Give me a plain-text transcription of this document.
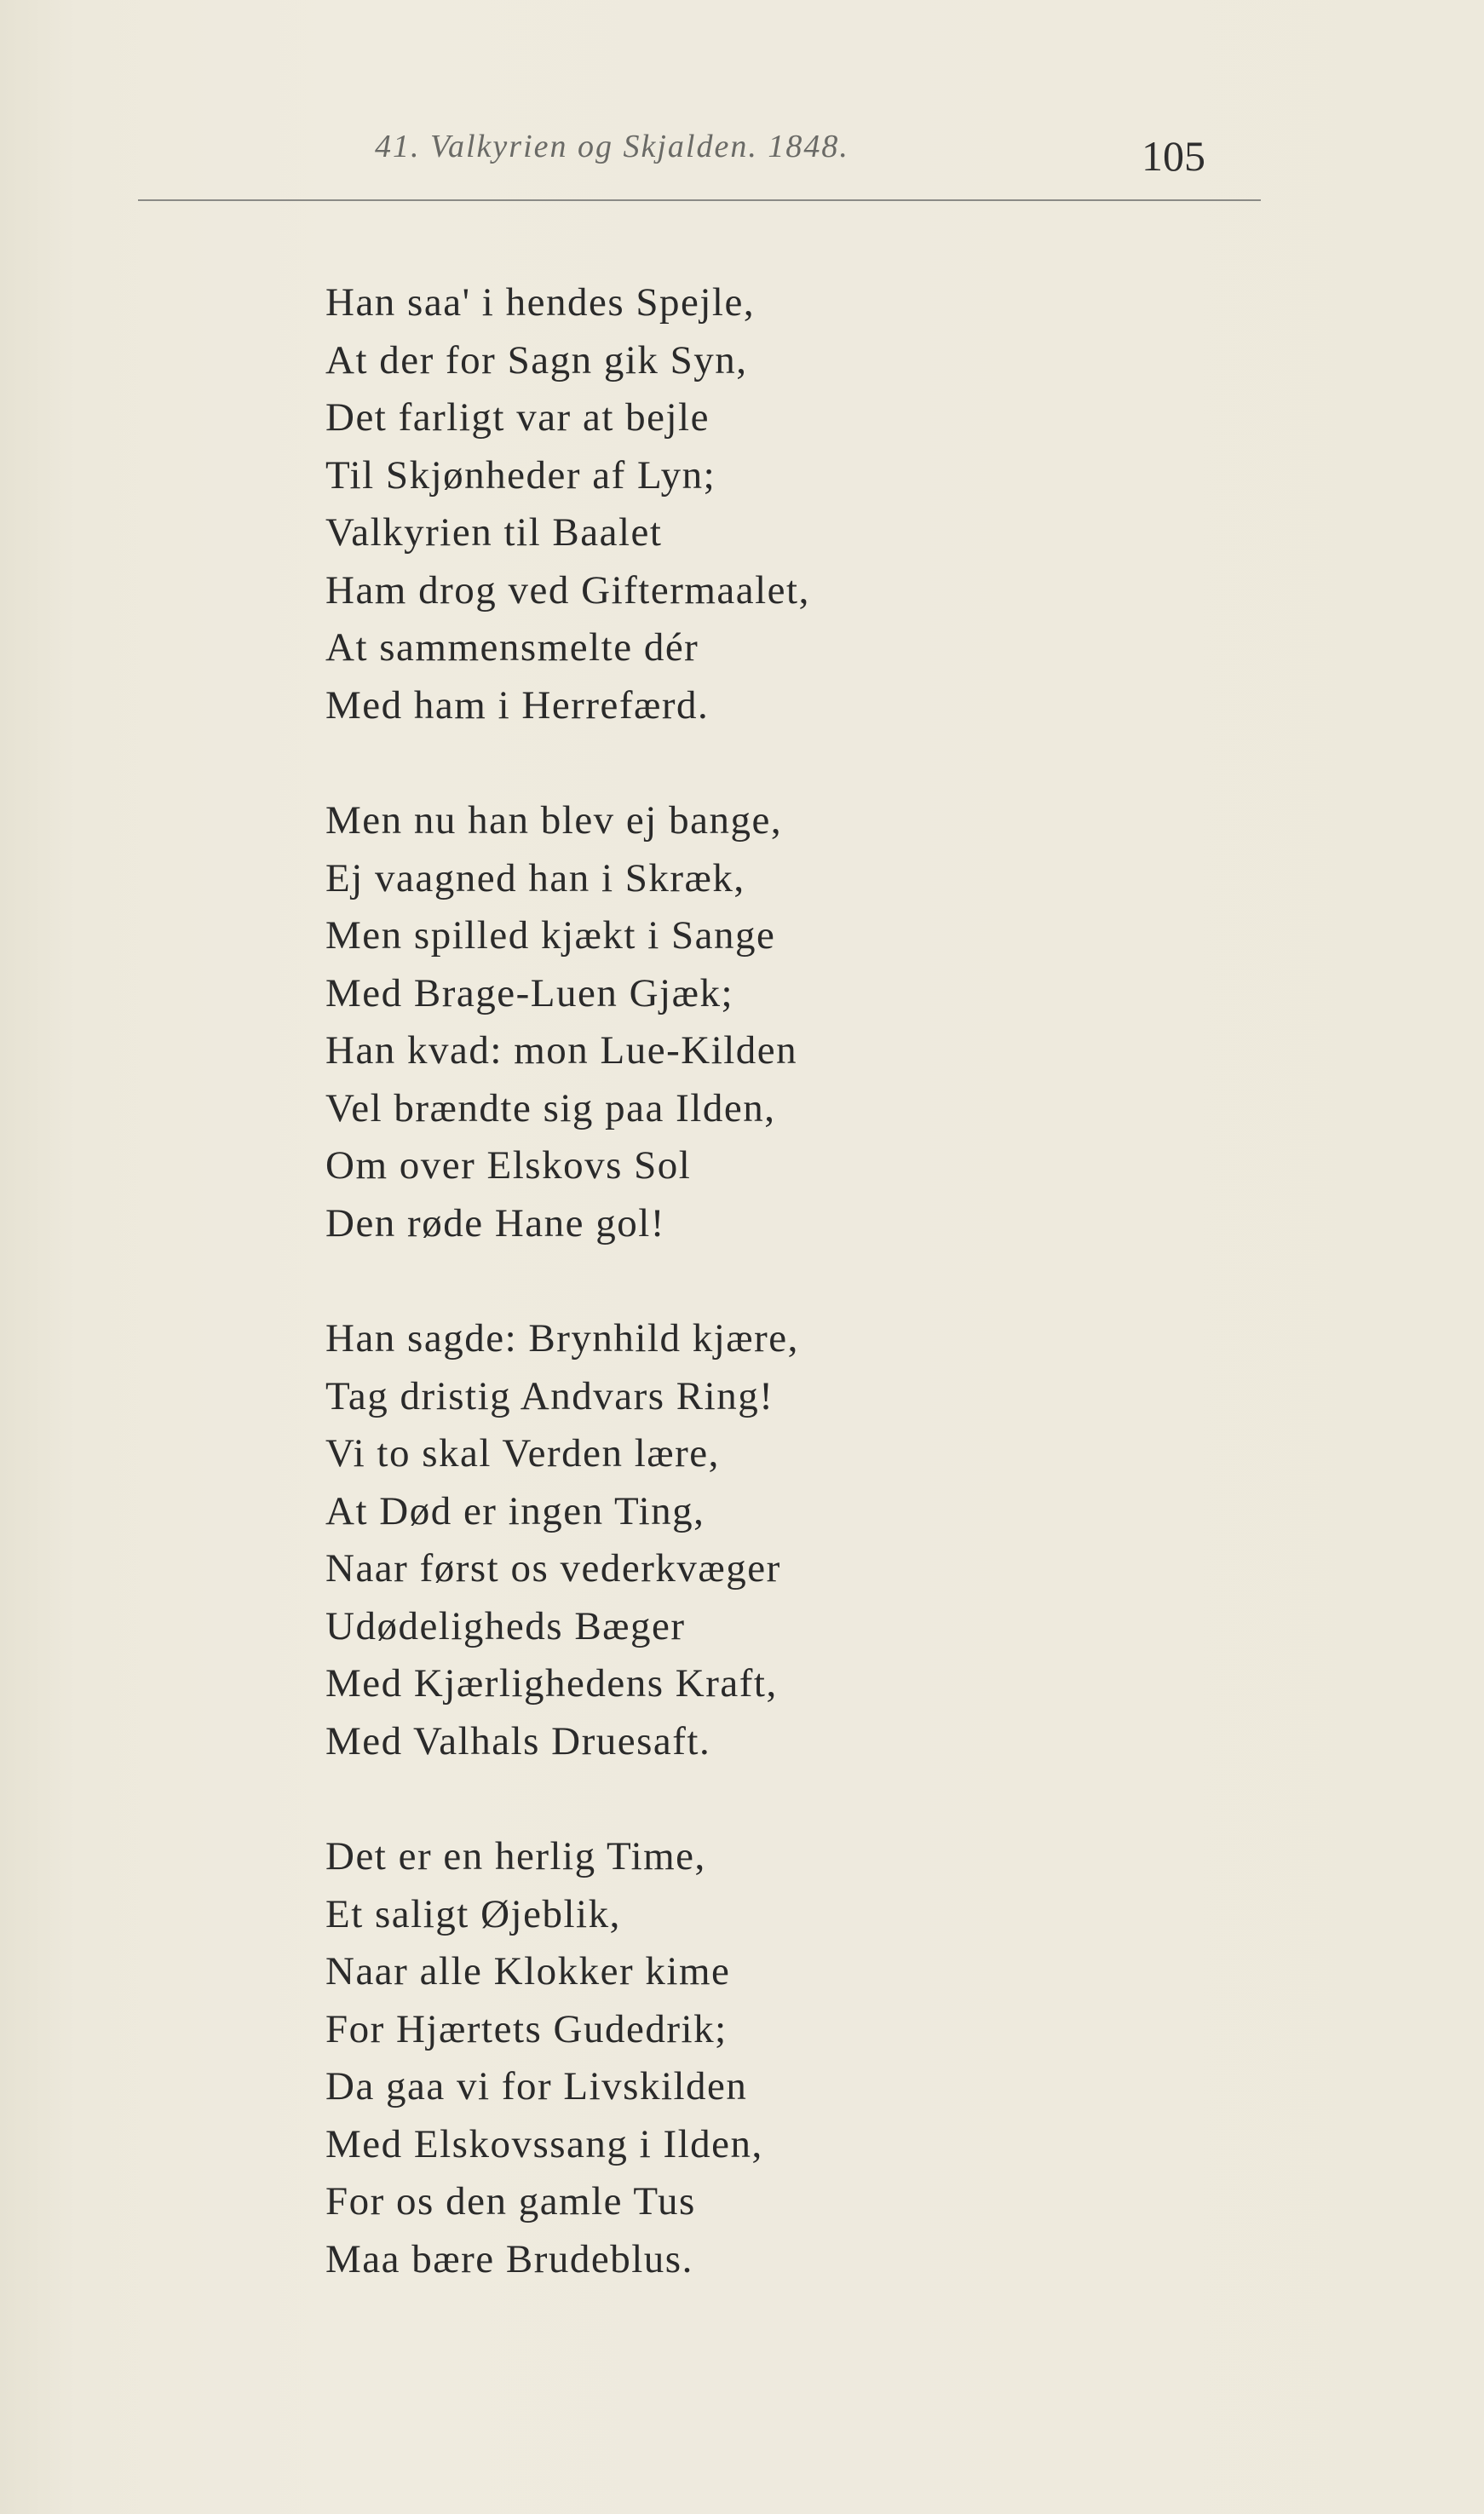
41. Valkyrien og Skjalden. 1848.	105
Han saa' i hendes Spejle,
At der for Sagn gik Syn,
Det farligt var at bejle
Til Skjønheder af Lyn;
Valkyrien til Baalet
Ham drog ved Giftermaalet,
At sammensmelte dér
Med ham i Herrefærd.
Men nu han blev ej bange,
Ej vaagned han i Skræk,
Men spilled kjækt i Sange
Med Brage-Luen Gjæk;
Han kvad: mon Lue-Kilden
Vel brændte sig paa Ilden,
Om over Elskovs Sol
Den røde Hane gol!
Han sagde: Brynhild kjære,
Tag dristig Andvars Ring!
Vi to skal Verden lære,
At Død er ingen Ting,
Naar først os vederkvæger
Udødeligheds Bæger
Med Kjærlighedens Kraft,
Med Valhals Druesaft.
Det er en herlig Time,
Et saligt Øjeblik,
Naar alle Klokker kime
For Hjærtets Gudedrik;
Da gaa vi for Livskilden
Med Elskovssang i Ilden,
For os den gamle Tus
Maa bære Brudeblus.
